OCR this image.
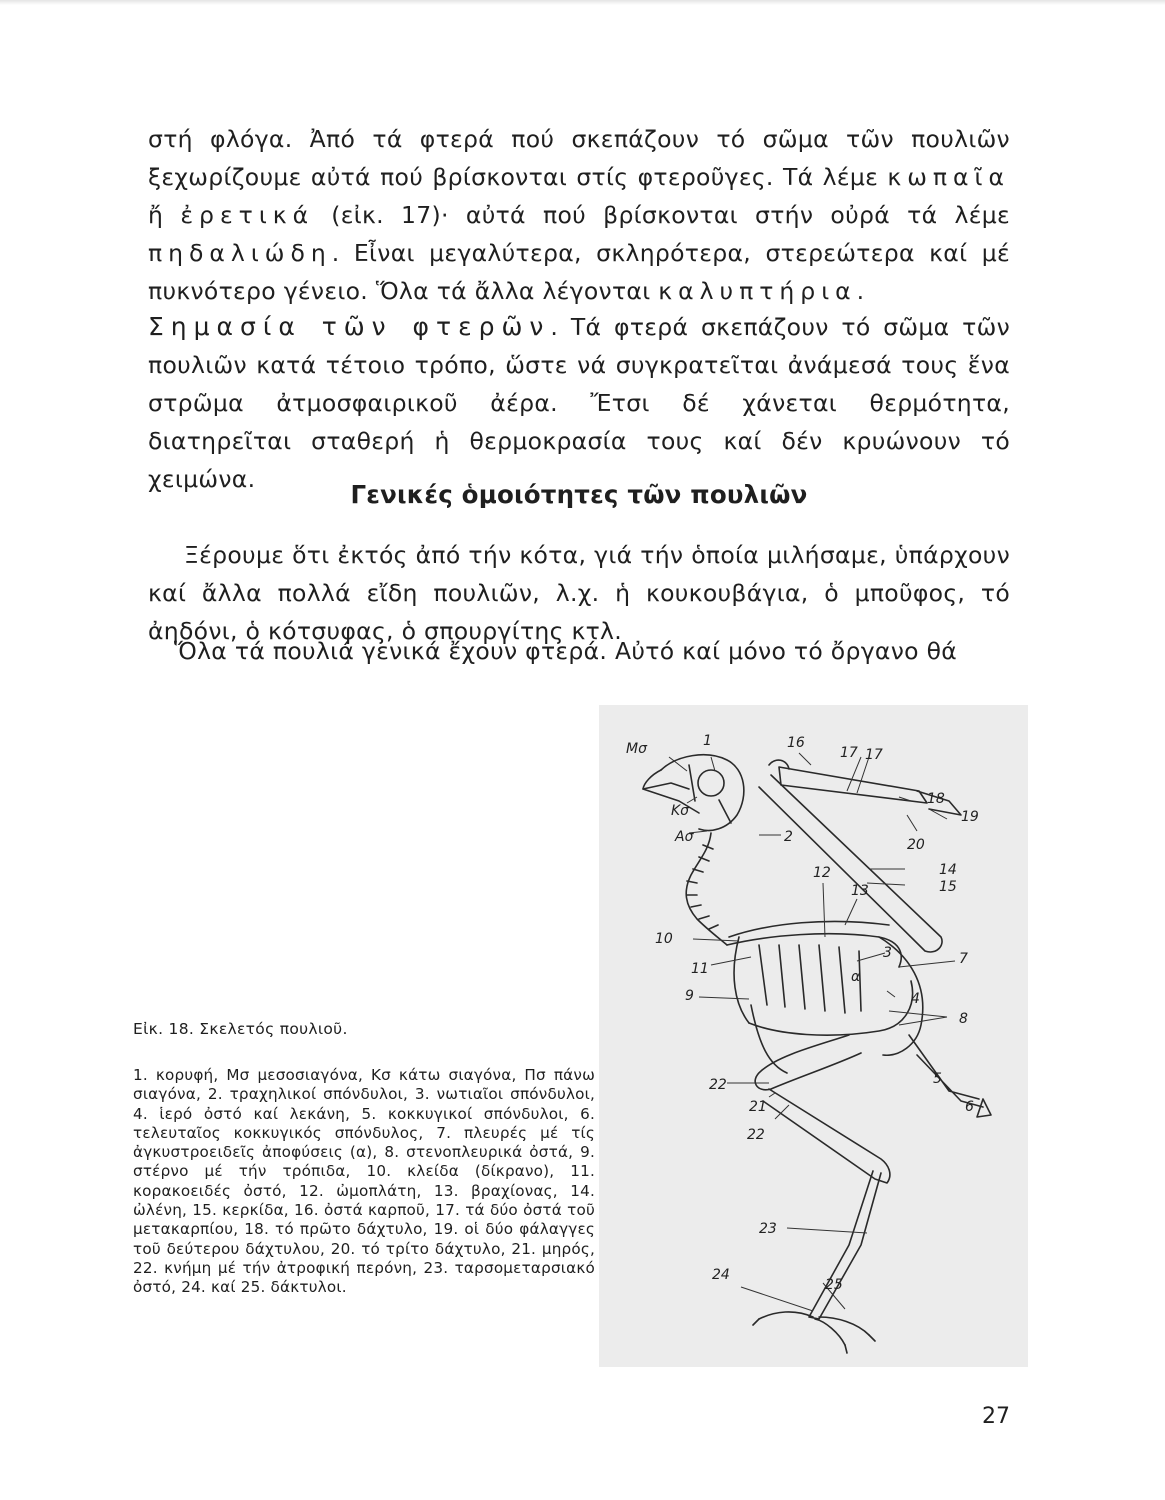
στή φλόγα. Ἀπό τά φτερά πού σκεπάζουν τό σῶμα τῶν πουλιῶν ξεχωρίζουμε αὐτά πού βρίσκονται στίς φτεροῦγες. Τά λέμε κωπαῖα ἤ ἐρετικά (εἰκ. 17)· αὐτά πού βρίσκονται στήν οὐρά τά λέμε πηδαλιώδη. Εἶναι μεγαλύτερα, σκληρότερα, στερεώτερα καί μέ πυκνότερο γένειο. Ὅλα τά ἄλλα λέγονται καλυπτήρια.

Σημασία τῶν φτερῶν. Τά φτερά σκεπάζουν τό σῶμα τῶν πουλιῶν κατά τέτοιο τρόπο, ὥστε νά συγκρατεῖται ἀνάμεσά τους ἕνα στρῶμα ἀτμοσφαιρικοῦ ἀέρα. Ἔτσι δέ χάνεται θερμότητα, διατηρεῖται σταθερή ἡ θερμοκρασία τους καί δέν κρυώνουν τό χειμώνα.

Γενικές ὁμοιότητες τῶν πουλιῶν

Ξέρουμε ὅτι ἐκτός ἀπό τήν κότα, γιά τήν ὁποία μιλήσαμε, ὑπάρχουν καί ἄλλα πολλά εἴδη πουλιῶν, λ.χ. ἡ κουκουβάγια, ὁ μποῦφος, τό ἀηδόνι, ὁ κότσυφας, ὁ σπουργίτης κτλ.

Ὅλα τά πουλιά γενικά ἔχουν φτερά. Αὐτό καί μόνο τό ὄργανο θά

Εἰκ. 18. Σκελετός πουλιοῦ.

1. κορυφή, Μσ μεσοσιαγόνα, Κσ κάτω σιαγόνα, Πσ πάνω σιαγόνα, 2. τραχηλικοί σπόνδυλοι, 3. νωτιαῖοι σπόνδυλοι, 4. ἱερό ὀστό καί λεκάνη, 5. κοκκυγικοί σπόνδυλοι, 6. τελευταῖος κοκκυγικός σπόνδυλος, 7. πλευρές μέ τίς ἀγκυστροειδεῖς ἀποφύσεις (α), 8. στενοπλευρικά ὀστά, 9. στέρνο μέ τήν τρόπιδα, 10. κλείδα (δίκρανο), 11. κορακοειδές ὀστό, 12. ὠμοπλάτη, 13. βραχίονας, 14. ὠλένη, 15. κερκίδα, 16. ὀστά καρποῦ, 17. τά δύο ὀστά τοῦ μετακαρπίου, 18. τό πρῶτο δάχτυλο, 19. οἱ δύο φάλαγγες τοῦ δεύτερου δάχτυλου, 20. τό τρίτο δάχτυλο, 21. μηρός, 22. κνήμη μέ τήν ἀτροφική περόνη, 23. ταρσομεταρσιακό ὀστό, 24. καί 25. δάκτυλοι.

Μσ	1
Κσ
Ασ	2
16
17 17
18
19
20
14
15
12
13
10
11
3	7
α
9	4
8
5
6
22
21
22
23
24
25

27
